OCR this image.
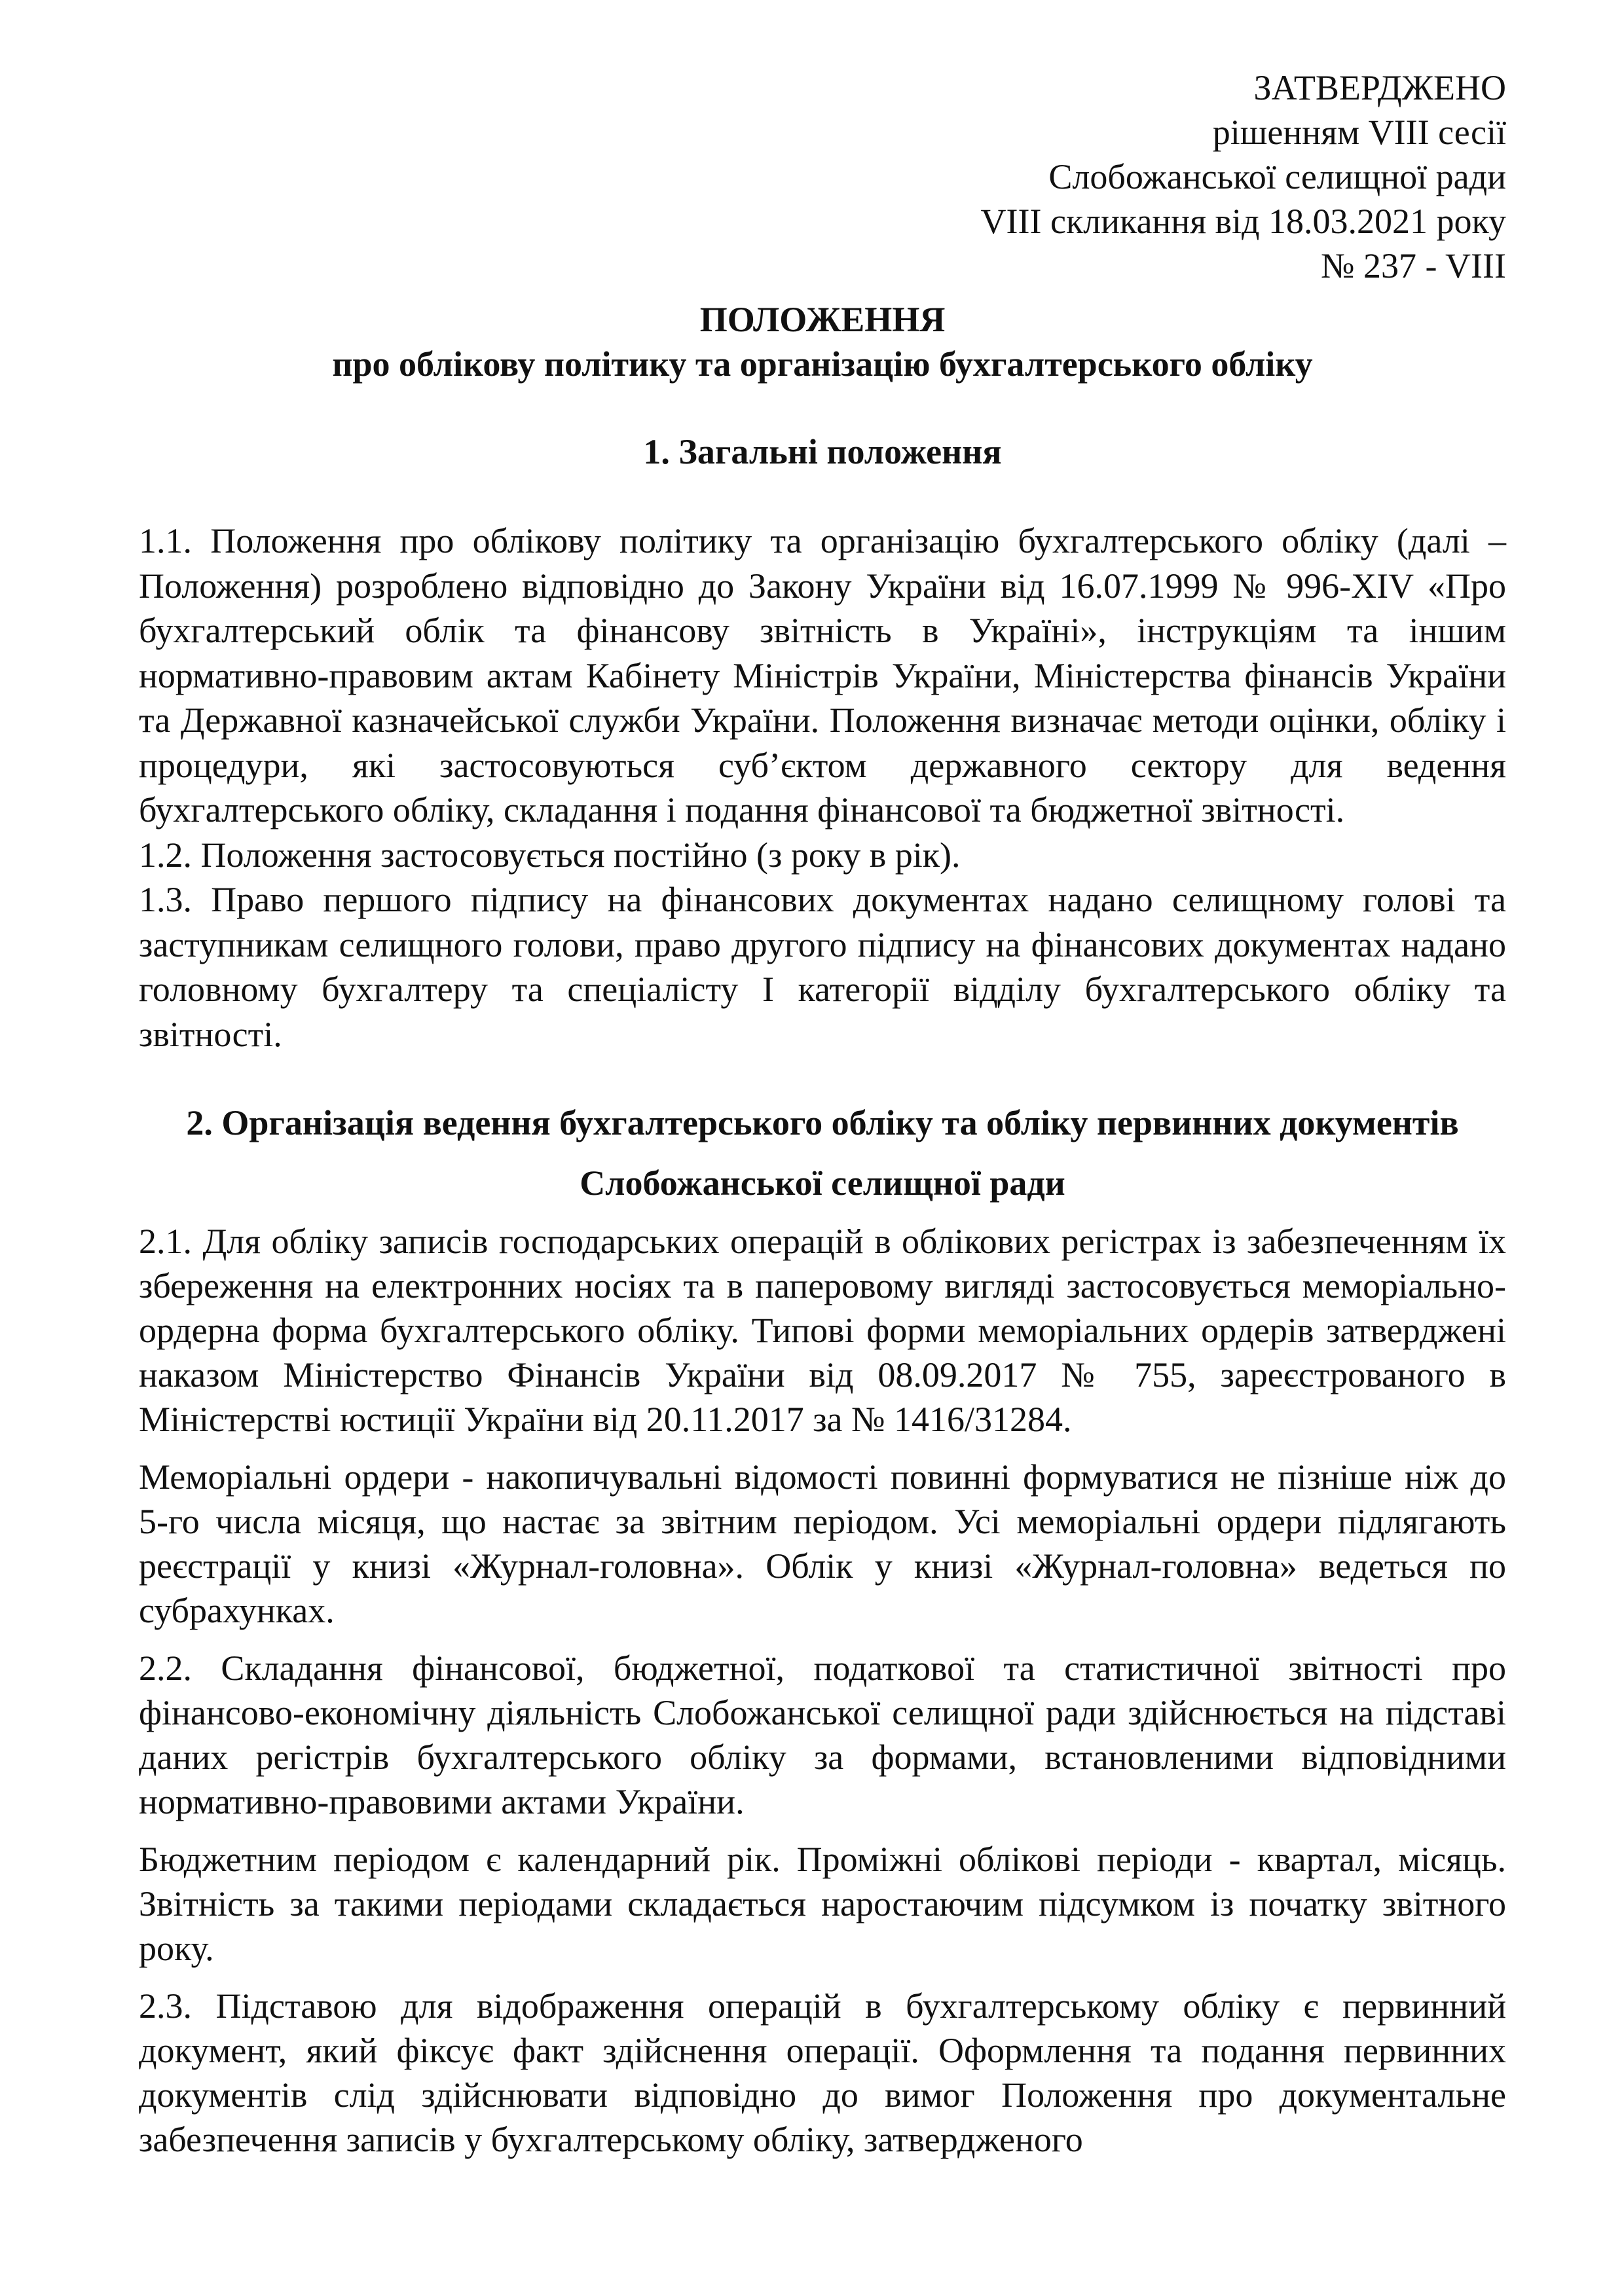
ЗАТВЕРДЖЕНО
рішенням VIII сесії
Слобожанської селищної ради
VIII скликання від 18.03.2021 року
№ 237 - VIII
ПОЛОЖЕННЯ
про облікову політику та організацію бухгалтерського обліку
1. Загальні положення

1.1. Положення про облікову політику та організацію бухгалтерського обліку (далі – Положення) розроблено відповідно до Закону України від 16.07.1999 № 996-XIV «Про бухгалтерський облік та фінансову звітність в Україні», інструкціям та іншим нормативно-правовим актам Кабінету Міністрів України, Міністерства фінансів України та Державної казначейської служби України. Положення визначає методи оцінки, обліку і процедури, які застосовуються суб’єктом державного сектору для ведення бухгалтерського обліку, складання і подання фінансової та бюджетної звітності.

1.2. Положення застосовується постійно (з року в рік).

1.3. Право першого підпису на фінансових документах надано селищному голові та заступникам селищного голови, право другого підпису на фінансових документах надано головному бухгалтеру та спеціалісту І категорії відділу бухгалтерського обліку та звітності.

2. Організація ведення бухгалтерського обліку та обліку первинних документів
Слобожанської селищної ради

2.1. Для обліку записів господарських операцій в облікових регістрах із забезпеченням їх збереження на електронних носіях та в паперовому вигляді застосовується меморіально-ордерна форма бухгалтерського обліку. Типові форми меморіальних ордерів затверджені наказом Міністерство Фінансів України від 08.09.2017 № 755, зареєстрованого в Міністерстві юстиції України від 20.11.2017 за № 1416/31284.

Меморіальні ордери - накопичувальні відомості повинні формуватися не пізніше ніж до 5-го числа місяця, що настає за звітним періодом. Усі меморіальні ордери підлягають реєстрації у книзі «Журнал-головна». Облік у книзі «Журнал-головна» ведеться по субрахунках.

2.2. Складання фінансової, бюджетної, податкової та статистичної звітності про фінансово-економічну діяльність Слобожанської селищної ради здійснюється на підставі даних регістрів бухгалтерського обліку за формами, встановленими відповідними нормативно-правовими актами України.

Бюджетним періодом є календарний рік. Проміжні облікові періоди - квартал, місяць. Звітність за такими періодами складається наростаючим підсумком із початку звітного року.

2.3. Підставою для відображення операцій в бухгалтерському обліку є первинний документ, який фіксує факт здійснення операції. Оформлення та подання первинних документів слід здійснювати відповідно до вимог Положення про документальне забезпечення записів у бухгалтерському обліку, затвердженого
